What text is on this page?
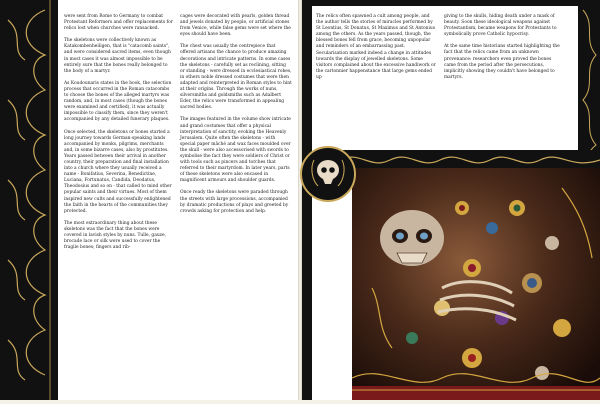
were sent from Rome to Germany to combat Protestant Reformers and offer replacements for relics lost when churches were ransacked.

The skeletons were collectively known as Katakombenheiligen, that is "catacomb saints", and were considered sacred items, even though in most cases it was almost impossible to be entirely sure that the bones really belonged to the body of a martyr.

As Koudounaris states in the book, the selection process that occurred in the Roman catacombs to choose the bones of the alleged martyrs was random, and, in most cases (though the bones were examined and certified), it was actually impossible to classify them, since they weren't accompanied by any detailed funerary plaques.

Once selected, the skeletons or bones started a long journey towards German-speaking lands accompanied by monks, pilgrims, merchants and, in some bizarre cases, also by prostitutes. Years passed between their arrival in another country, their preparation and final installation into a church where they usually received a name - Bonifatius, Severina, Benedictine, Luciana, Fortunatus, Candida, Deodatus, Theodosius and so on - that called to mind other popular saints and their virtues. Most of them inspired new cults and successfully enlightened the faith in the hearts of the communities they protected.

The most extraordinary thing about these skeletons was the fact that the bones were covered in lavish styles by nuns. Tulle, gauze, brocade lace or silk were used to cover the fragile bones; fingers and rib-

cages were decorated with pearls, golden thread and jewels donated by people, or artificial stones from Venice, while false gems were set where the eyes should have been.

The chest was usually the centrepiece that offered artisans the chance to produce amazing decorations and intricate patterns. In some cases the skeletons - carefully set as reclining, sitting or standing - were dressed in ecclesiastical robes, in others noble dressed costumes that were then adapted and reinterpreted in Roman styles to hint at their origins. Through the works of nuns, silversmiths and goldsmiths such as Adalbert Eder, the relics were transformed in appealing sacred bodies.

The images featured in the volume show intricate and grand costumes that offer a physical interpretation of sanctity, evoking the Heavenly Jerusalem. Quite often the skeletons - with special paper mâché and wax faces moulded over the skull - were also accessorised with swords to symbolise the fact they were soldiers of Christ or with tools such as pincers and torches that referred to their martyrdom. In later years, parts of these skeletons were also encased in magnificent armours and shoulder guards.

Once ready the skeletons were paraded through the streets with large processions, accompanied by dramatic productions of plays and greeted by crowds asking for protection and help.

The relics often spawned a cult among people, and the author tells the stories of miracles performed by St Leontius, St Donatus, St Maximus and St Antonius among the others. As the years passed, though, the blessed bones fell from grace, becoming unpopular and reminders of an embarrassing past. Secularisation marked indeed a change in attitudes towards the display of jewelled skeletons. Some visitors complained about the excessive handiwork or the cartonnier happenstance that large gems ended up

giving to the skulls, hiding death under a mask of beauty. Soon these ideological weapons against Protestantism, became weapons for Protestants to symbolically prove Catholic hypocrisy.

At the same time historians started highlighting the fact that the relics came from an unknown provenance: researchers even proved the bones came from the period after the persecutions, implicitly showing they couldn't have belonged to martyrs.
